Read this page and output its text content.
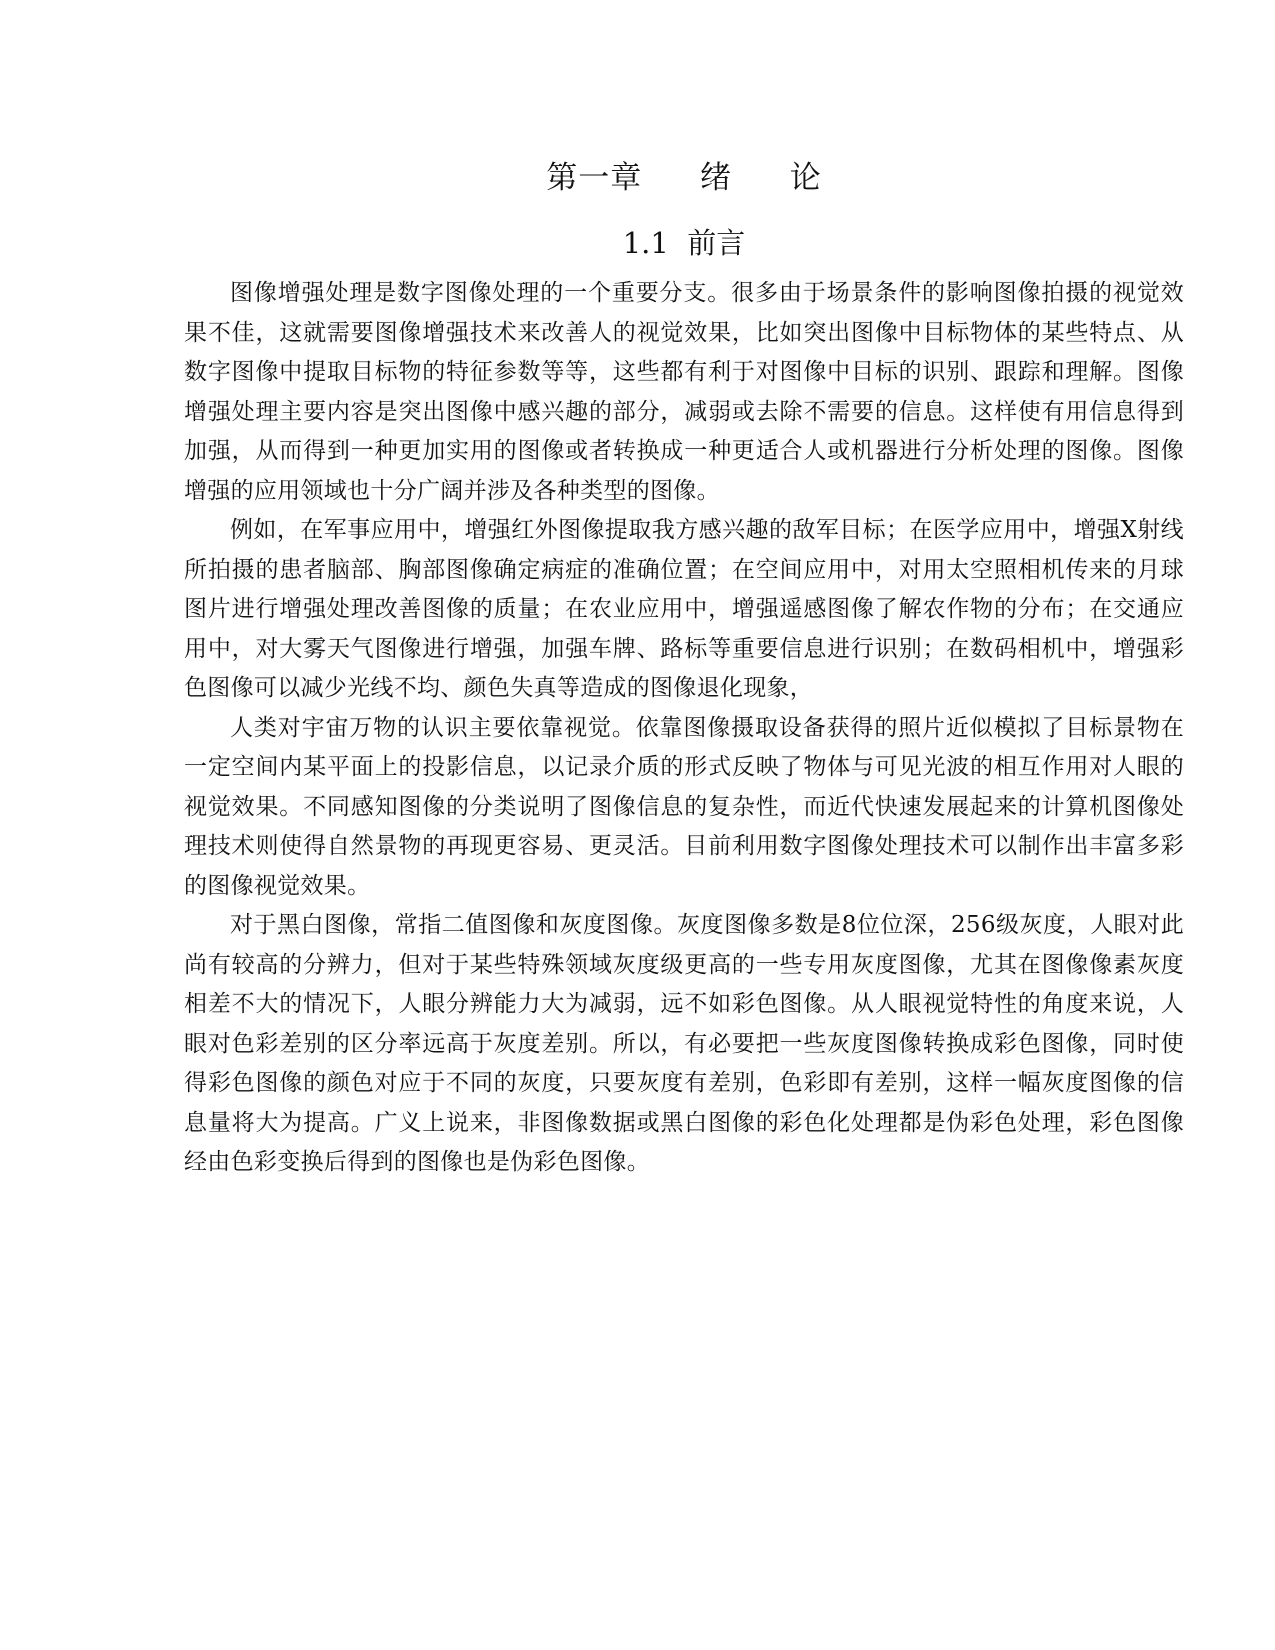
第一章  绪  论
1.1  前言

图像增强处理是数字图像处理的一个重要分支。很多由于场景条件的影响图像拍摄的视觉效果不佳，这就需要图像增强技术来改善人的视觉效果，比如突出图像中目标物体的某些特点、从数字图像中提取目标物的特征参数等等，这些都有利于对图像中目标的识别、跟踪和理解。图像增强处理主要内容是突出图像中感兴趣的部分，减弱或去除不需要的信息。这样使有用信息得到加强，从而得到一种更加实用的图像或者转换成一种更适合人或机器进行分析处理的图像。图像增强的应用领域也十分广阔并涉及各种类型的图像。

例如，在军事应用中，增强红外图像提取我方感兴趣的敌军目标；在医学应用中，增强X射线所拍摄的患者脑部、胸部图像确定病症的准确位置；在空间应用中，对用太空照相机传来的月球图片进行增强处理改善图像的质量；在农业应用中，增强遥感图像了解农作物的分布；在交通应用中，对大雾天气图像进行增强，加强车牌、路标等重要信息进行识别；在数码相机中，增强彩色图像可以减少光线不均、颜色失真等造成的图像退化现象，

人类对宇宙万物的认识主要依靠视觉。依靠图像摄取设备获得的照片近似模拟了目标景物在一定空间内某平面上的投影信息，以记录介质的形式反映了物体与可见光波的相互作用对人眼的视觉效果。不同感知图像的分类说明了图像信息的复杂性，而近代快速发展起来的计算机图像处理技术则使得自然景物的再现更容易、更灵活。目前利用数字图像处理技术可以制作出丰富多彩的图像视觉效果。

对于黑白图像，常指二值图像和灰度图像。灰度图像多数是8位位深，256级灰度，人眼对此尚有较高的分辨力，但对于某些特殊领域灰度级更高的一些专用灰度图像，尤其在图像像素灰度相差不大的情况下，人眼分辨能力大为减弱，远不如彩色图像。从人眼视觉特性的角度来说，人眼对色彩差别的区分率远高于灰度差别。所以，有必要把一些灰度图像转换成彩色图像，同时使得彩色图像的颜色对应于不同的灰度，只要灰度有差别，色彩即有差别，这样一幅灰度图像的信息量将大为提高。广义上说来，非图像数据或黑白图像的彩色化处理都是伪彩色处理，彩色图像经由色彩变换后得到的图像也是伪彩色图像。
